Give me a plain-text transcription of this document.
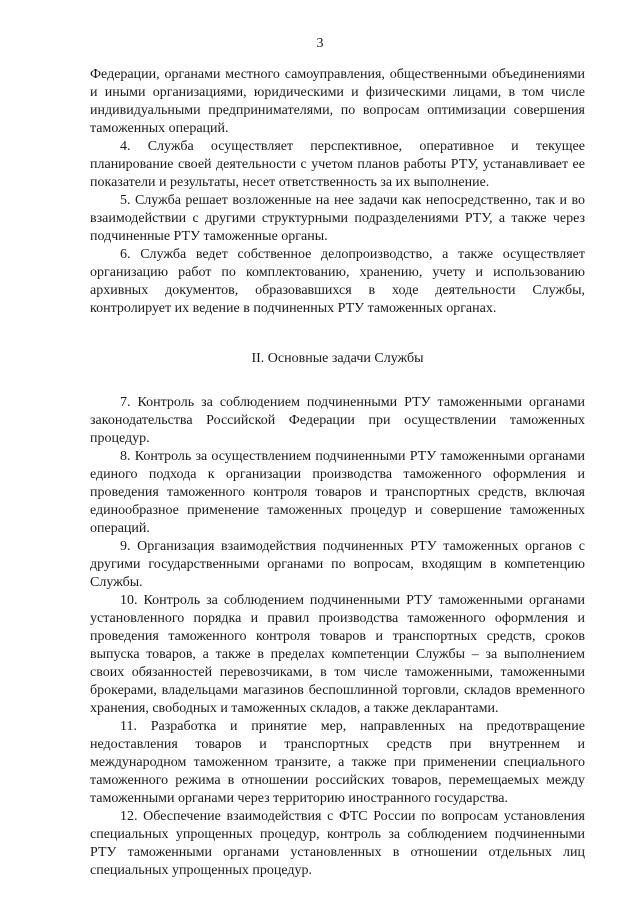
3

Федерации, органами местного самоуправления, общественными объединениями и иными организациями, юридическими и физическими лицами, в том числе индивидуальными предпринимателями, по вопросам оптимизации совершения таможенных операций.

4. Служба осуществляет перспективное, оперативное и текущее планирование своей деятельности с учетом планов работы РТУ, устанавливает ее показатели и результаты, несет ответственность за их выполнение.

5. Служба решает возложенные на нее задачи как непосредственно, так и во взаимодействии с другими структурными подразделениями РТУ, а также через подчиненные РТУ таможенные органы.

6. Служба ведет собственное делопроизводство, а также осуществляет организацию работ по комплектованию, хранению, учету и использованию архивных документов, образовавшихся в ходе деятельности Службы, контролирует их ведение в подчиненных РТУ таможенных органах.

II. Основные задачи Службы

7. Контроль за соблюдением подчиненными РТУ таможенными органами законодательства Российской Федерации при осуществлении таможенных процедур.

8. Контроль за осуществлением подчиненными РТУ таможенными органами единого подхода к организации производства таможенного оформления и проведения таможенного контроля товаров и транспортных средств, включая единообразное применение таможенных процедур и совершение таможенных операций.

9. Организация взаимодействия подчиненных РТУ таможенных органов с другими государственными органами по вопросам, входящим в компетенцию Службы.

10. Контроль за соблюдением подчиненными РТУ таможенными органами установленного порядка и правил производства таможенного оформления и проведения таможенного контроля товаров и транспортных средств, сроков выпуска товаров, а также в пределах компетенции Службы – за выполнением своих обязанностей перевозчиками, в том числе таможенными, таможенными брокерами, владельцами магазинов беспошлинной торговли, складов временного хранения, свободных и таможенных складов, а также декларантами.

11. Разработка и принятие мер, направленных на предотвращение недоставления товаров и транспортных средств при внутреннем и международном таможенном транзите, а также при применении специального таможенного режима в отношении российских товаров, перемещаемых между таможенными органами через территорию иностранного государства.

12. Обеспечение взаимодействия с ФТС России по вопросам установления специальных упрощенных процедур, контроль за соблюдением подчиненными РТУ таможенными органами установленных в отношении отдельных лиц специальных упрощенных процедур.
